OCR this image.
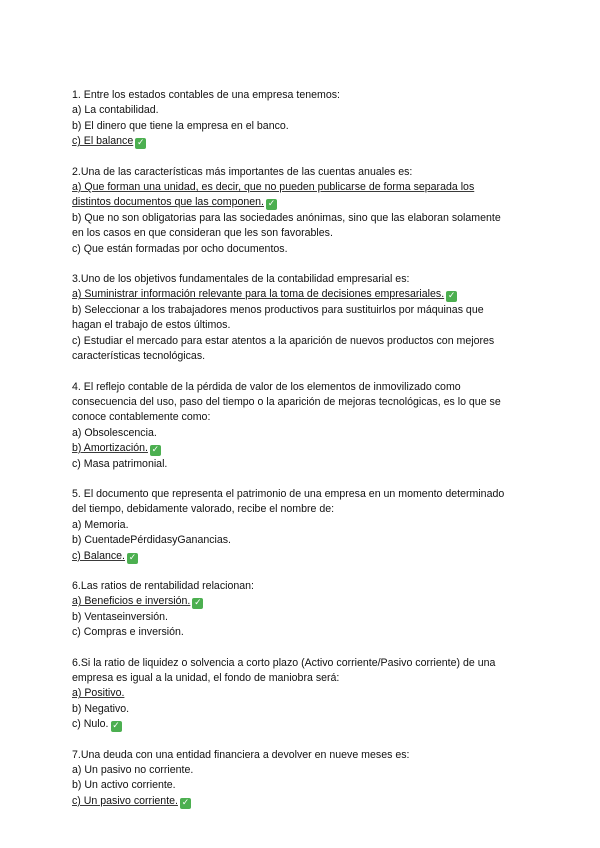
1. Entre los estados contables de una empresa tenemos:
a) La contabilidad.
b) El dinero que tiene la empresa en el banco.
c) El balance ✓
2.Una de las características más importantes de las cuentas anuales es:
a) Que forman una unidad, es decir, que no pueden publicarse de forma separada los
distintos documentos que las componen. ✓
b) Que no son obligatorias para las sociedades anónimas, sino que las elaboran solamente
en los casos en que consideran que les son favorables.
c) Que están formadas por ocho documentos.
3.Uno de los objetivos fundamentales de la contabilidad empresarial es:
a) Suministrar información relevante para la toma de decisiones empresariales. ✓
b) Seleccionar a los trabajadores menos productivos para sustituirlos por máquinas que
hagan el trabajo de estos últimos.
c) Estudiar el mercado para estar atentos a la aparición de nuevos productos con mejores
características tecnológicas.
4. El reflejo contable de la pérdida de valor de los elementos de inmovilizado como
consecuencia del uso, paso del tiempo o la aparición de mejoras tecnológicas, es lo que se
conoce contablemente como:
a) Obsolescencia.
b) Amortización. ✓
c) Masa patrimonial.
5. El documento que representa el patrimonio de una empresa en un momento determinado
del tiempo, debidamente valorado, recibe el nombre de:
a) Memoria.
b) CuentadePérdidasyGanancias.
c) Balance. ✓
6.Las ratios de rentabilidad relacionan:
a) Beneficios e inversión. ✓
b) Ventaseinversión.
c) Compras e inversión.
6.Si la ratio de liquidez o solvencia a corto plazo (Activo corriente/Pasivo corriente) de una
empresa es igual a la unidad, el fondo de maniobra será:
a) Positivo.
b) Negativo.
c) Nulo. ✓
7.Una deuda con una entidad financiera a devolver en nueve meses es:
a) Un pasivo no corriente.
b) Un activo corriente.
c) Un pasivo corriente. ✓
